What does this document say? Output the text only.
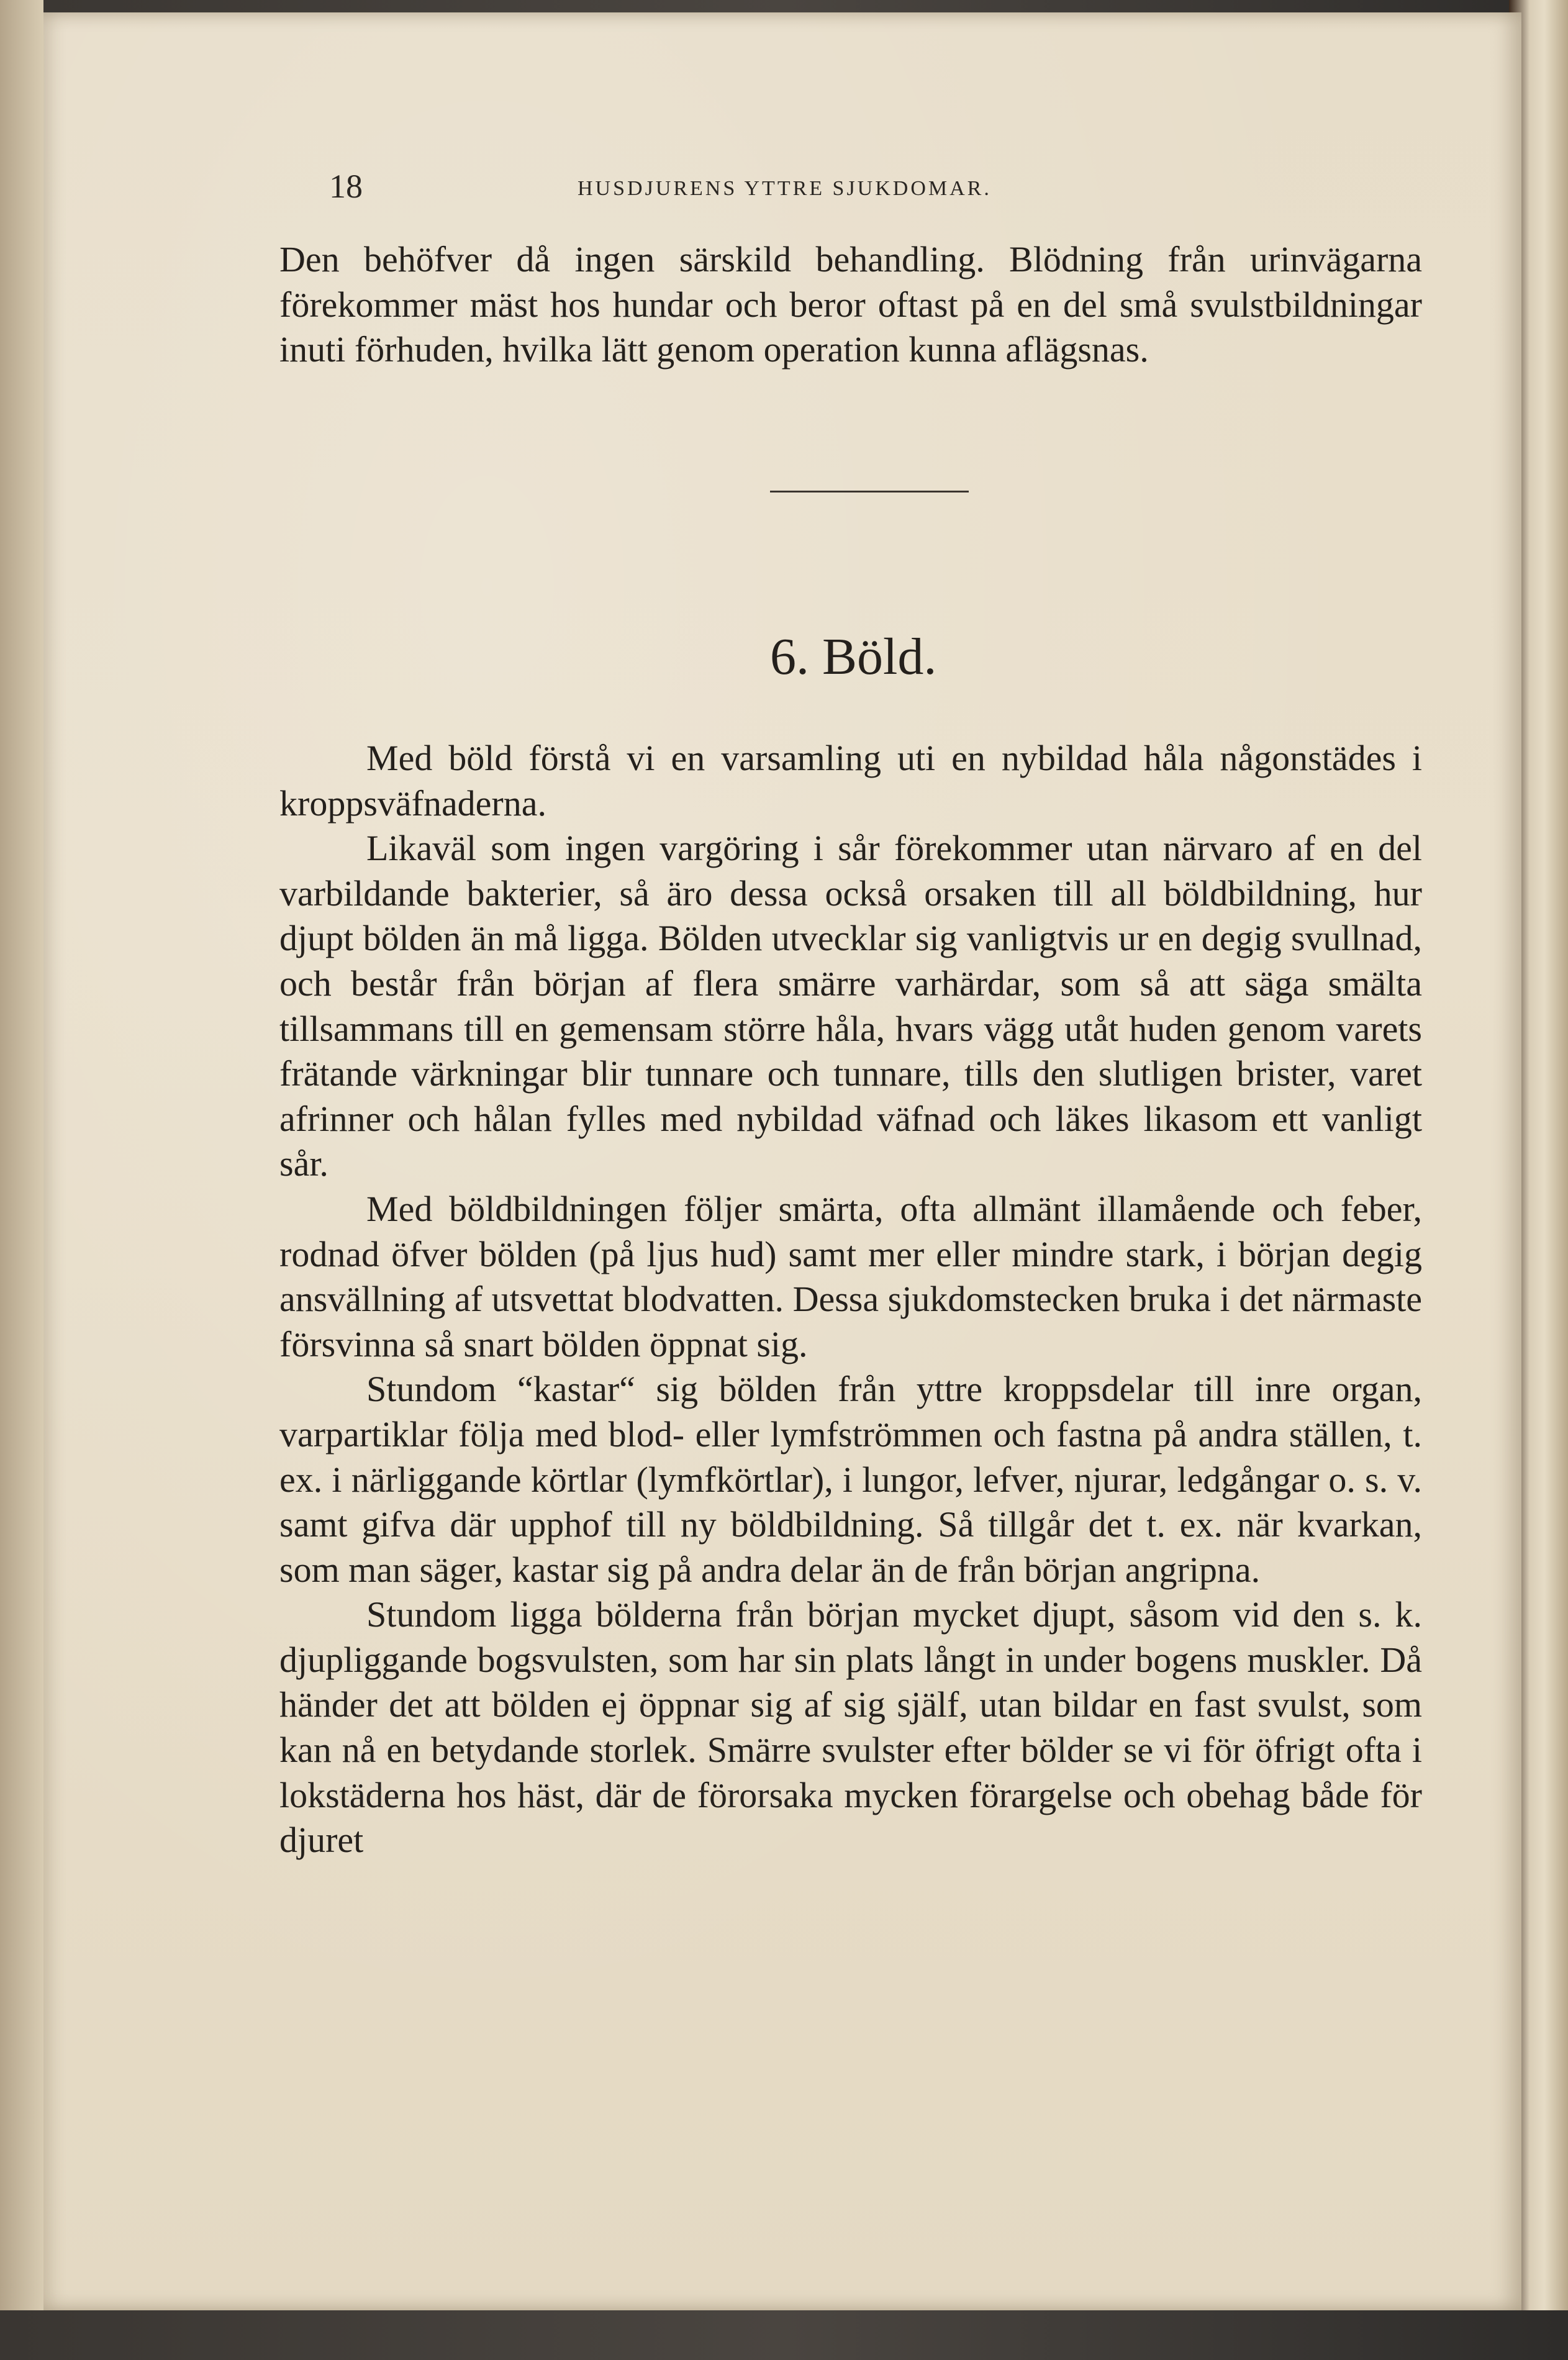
18	HUSDJURENS YTTRE SJUKDOMAR.

Den behöfver då ingen särskild behandling. Blödning från urinvägarna förekommer mäst hos hundar och beror oftast på en del små svulstbildningar inuti förhuden, hvilka lätt genom operation kunna aflägsnas.

6. Böld.

Med böld förstå vi en varsamling uti en nybildad håla någonstädes i kroppsväfnaderna.

Likaväl som ingen vargöring i sår förekommer utan närvaro af en del varbildande bakterier, så äro dessa också orsaken till all böldbildning, hur djupt bölden än må ligga. Bölden utvecklar sig vanligtvis ur en degig svullnad, och består från början af flera smärre varhärdar, som så att säga smälta tillsammans till en gemensam större håla, hvars vägg utåt huden genom varets frätande värkningar blir tunnare och tunnare, tills den slutligen brister, varet afrinner och hålan fylles med nybildad väfnad och läkes likasom ett vanligt sår.

Med böldbildningen följer smärta, ofta allmänt illamående och feber, rodnad öfver bölden (på ljus hud) samt mer eller mindre stark, i början degig ansvällning af utsvettat blodvatten. Dessa sjukdomstecken bruka i det närmaste försvinna så snart bölden öppnat sig.

Stundom “kastar“ sig bölden från yttre kroppsdelar till inre organ, varpartiklar följa med blod- eller lymfströmmen och fastna på andra ställen, t. ex. i närliggande körtlar (lymfkörtlar), i lungor, lefver, njurar, ledgångar o. s. v. samt gifva där upphof till ny böldbildning. Så tillgår det t. ex. när kvarkan, som man säger, kastar sig på andra delar än de från början angripna.

Stundom ligga bölderna från början mycket djupt, såsom vid den s. k. djupliggande bogsvulsten, som har sin plats långt in under bogens muskler. Då händer det att bölden ej öppnar sig af sig själf, utan bildar en fast svulst, som kan nå en betydande storlek. Smärre svulster efter bölder se vi för öfrigt ofta i lokstäderna hos häst, där de förorsaka mycken förargelse och obehag både för djuret
